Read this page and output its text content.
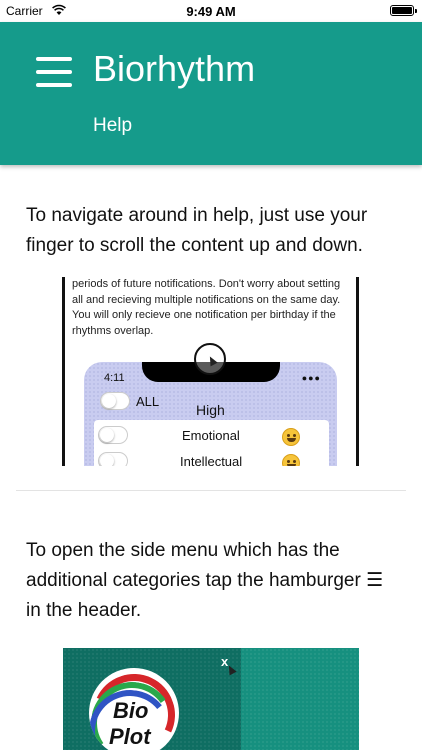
Carrier	9:49 AM
Biorhythm
Help

To navigate around in help, just use your finger to scroll the content up and down.

periods of future notifications. Don't worry about setting all and recieving multiple notifications on the same day. You will only recieve one notification per birthday if the rhythms overlap.
4:11	●●●
ALL
High
Emotional
Intellectual

To open the side menu which has the additional categories tap the hamburger ☰ in the header.

x
Bio
Plot
